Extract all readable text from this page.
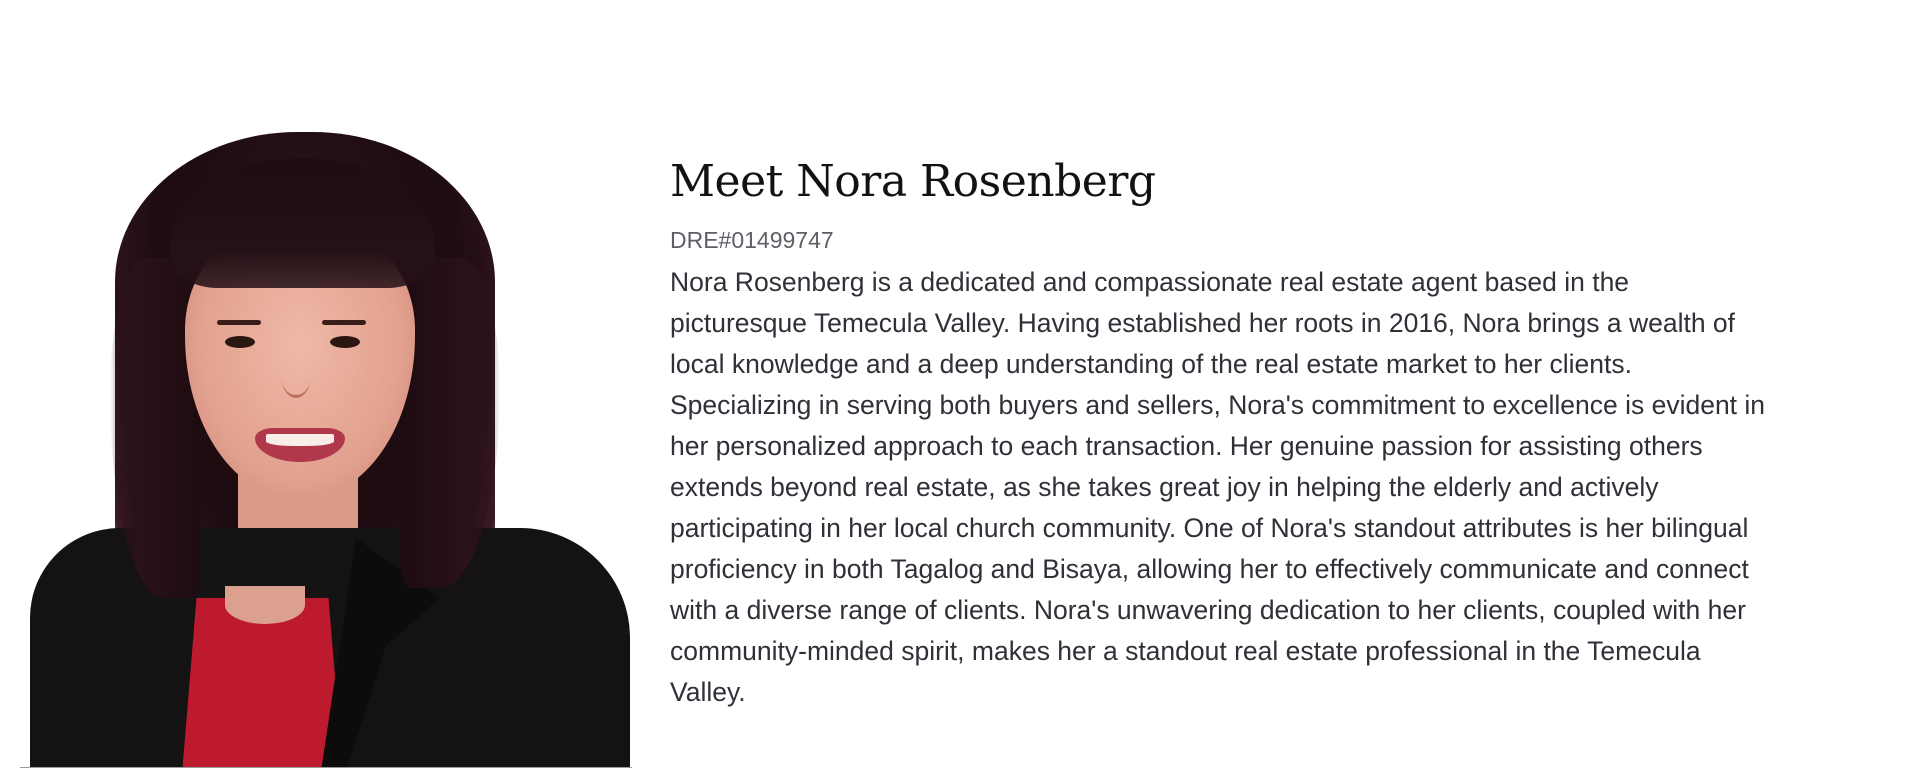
Meet Nora Rosenberg
DRE#01499747

Nora Rosenberg is a dedicated and compassionate real estate agent based in the picturesque Temecula Valley. Having established her roots in 2016, Nora brings a wealth of local knowledge and a deep understanding of the real estate market to her clients. Specializing in serving both buyers and sellers, Nora's commitment to excellence is evident in her personalized approach to each transaction. Her genuine passion for assisting others extends beyond real estate, as she takes great joy in helping the elderly and actively participating in her local church community. One of Nora's standout attributes is her bilingual proficiency in both Tagalog and Bisaya, allowing her to effectively communicate and connect with a diverse range of clients. Nora's unwavering dedication to her clients, coupled with her community-minded spirit, makes her a standout real estate professional in the Temecula Valley.
